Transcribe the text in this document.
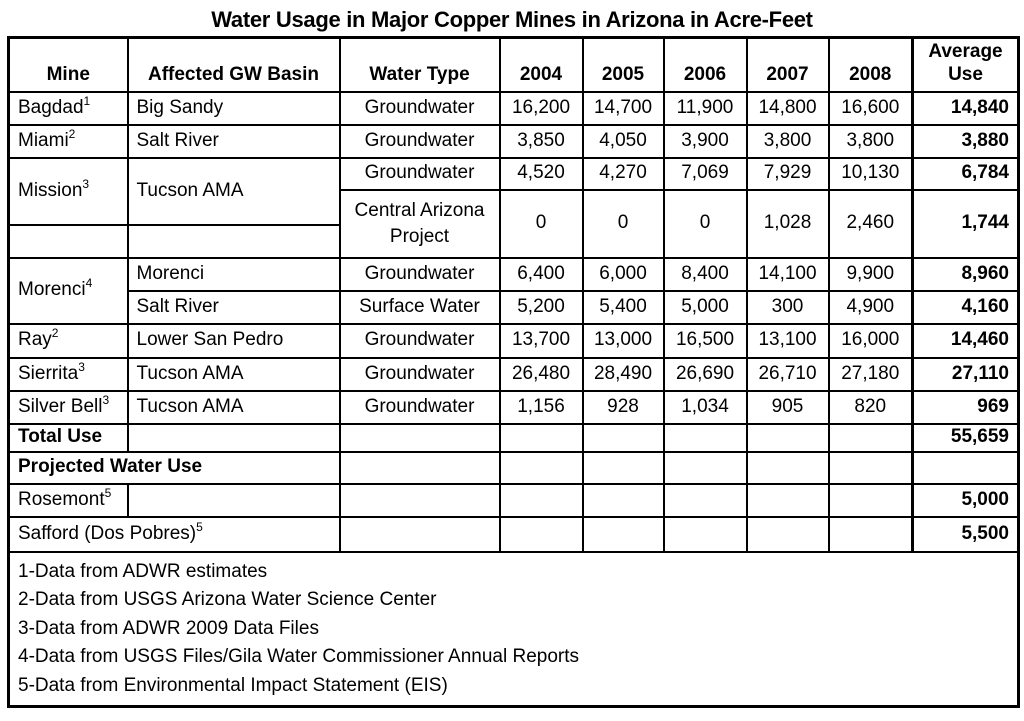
Water Usage in Major Copper Mines in Arizona in Acre-Feet
Mine	Affected GW Basin	Water Type	2004	2005	2006	2007	2008	Average Use
Bagdad$^1$	Big Sandy	Groundwater	16,200	14,700	11,900	14,800	16,600	14,840
Miami$^2$	Salt River	Groundwater	3,850	4,050	3,900	3,800	3,800	3,880
Mission$^3$	Tucson AMA	Groundwater	4,520	4,270	7,069	7,929	10,130	6,784
		Central Arizona Project	0	0	0	1,028	2,460	1,744

Morenci$^4$	Morenci	Groundwater	6,400	6,000	8,400	14,100	9,900	8,960
	Salt River	Surface Water	5,200	5,400	5,000	300	4,900	4,160
Ray$^2$	Lower San Pedro	Groundwater	13,700	13,000	16,500	13,100	16,000	14,460
Sierrita$^3$	Tucson AMA	Groundwater	26,480	28,490	26,690	26,710	27,180	27,110
Silver Bell$^3$	Tucson AMA	Groundwater	1,156	928	1,034	905	820	969
Total Use								55,659
Projected Water Use								
Rosemont$^5$								5,000
Safford (Dos Pobres)$^5$								5,500

1-Data from ADWR estimates
2-Data from USGS Arizona Water Science Center
3-Data from ADWR 2009 Data Files
4-Data from USGS Files/Gila Water Commissioner Annual Reports
5-Data from Environmental Impact Statement (EIS)								
